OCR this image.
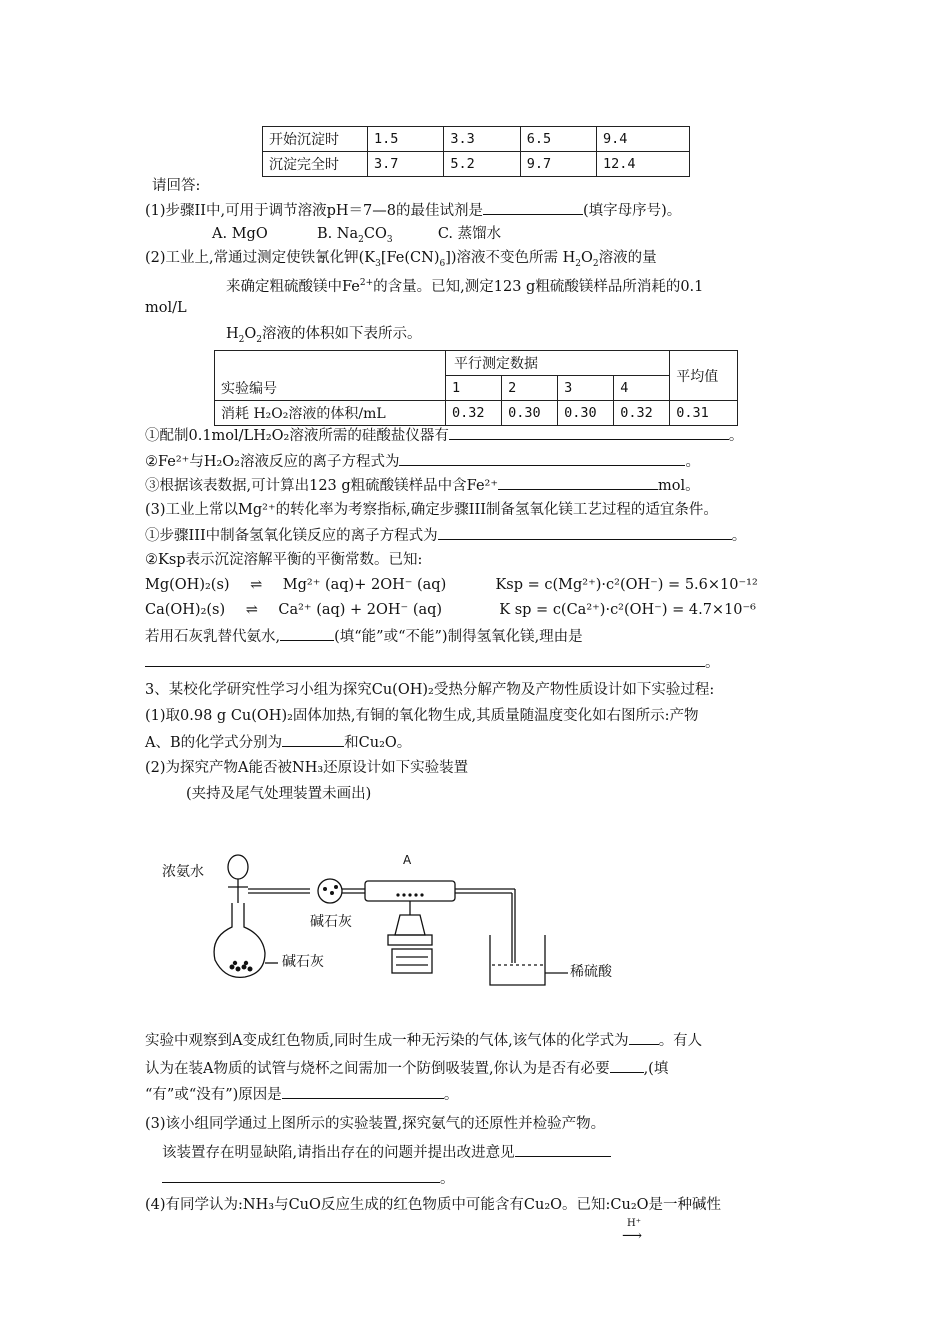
开始沉淀时	1.5	3.3	6.5	9.4
沉淀完全时	3.7	5.2	9.7	12.4
请回答:
(1)步骤II中,可用于调节溶液pH＝7—8的最佳试剂是	(填字母序号)。
A. MgO	B. $Na_2CO_3$	C. 蒸馏水
(2)工业上,常通过测定使铁氰化钾$(K_3[Fe(CN)_6])$溶液不变色所需 $H_2O_2$溶液的量
来确定粗硫酸镁中$Fe^{2+}$的含量。已知,测定123 g粗硫酸镁样品所消耗的0.1
mol/L
$H_2O_2$溶液的体积如下表所示。
	平行测定数据				平均值
实验编号	1	2	3	4	
消耗 H₂O₂溶液的体积/mL	0.32	0.30	0.30	0.32	0.31
①配制0.1mol/LH₂O₂溶液所需的硅酸盐仪器有	。
②Fe²⁺与H₂O₂溶液反应的离子方程式为	。
③根据该表数据,可计算出123 g粗硫酸镁样品中含Fe²⁺	mol。
(3)工业上常以Mg²⁺的转化率为考察指标,确定步骤III制备氢氧化镁工艺过程的适宜条件。
①步骤III中制备氢氧化镁反应的离子方程式为	。
②Ksp表示沉淀溶解平衡的平衡常数。已知:
Mg(OH)₂(s) ⇌ Mg²⁺ (aq)+ 2OH⁻ (aq)	Ksp = c(Mg²⁺)·c²(OH⁻) = 5.6×10⁻¹²
Ca(OH)₂(s) ⇌ Ca²⁺ (aq) + 2OH⁻ (aq)	K sp = c(Ca²⁺)·c²(OH⁻) = 4.7×10⁻⁶
若用石灰乳替代氨水,	(填“能”或“不能”)制得氢氧化镁,理由是
。
3、某校化学研究性学习小组为探究Cu(OH)₂受热分解产物及产物性质设计如下实验过程:
(1)取0.98 g Cu(OH)₂固体加热,有铜的氧化物生成,其质量随温度变化如右图所示:产物
A、B的化学式分别为	和Cu₂O。
(2)为探究产物A能否被NH₃还原设计如下实验装置
(夹持及尾气处理装置未画出)
浓氨水
A
碱石灰
碱石灰
稀硫酸
实验中观察到A变成红色物质,同时生成一种无污染的气体,该气体的化学式为 。有人
认为在装A物质的试管与烧杯之间需加一个防倒吸装置,你认为是否有必要 ,(填
“有”或“没有”)原因是	。
(3)该小组同学通过上图所示的实验装置,探究氨气的还原性并检验产物。
该装置存在明显缺陷,请指出存在的问题并提出改进意见
。
(4)有同学认为:NH₃与CuO反应生成的红色物质中可能含有Cu₂O。已知:Cu₂O是一种碱性
H⁺
⟶
